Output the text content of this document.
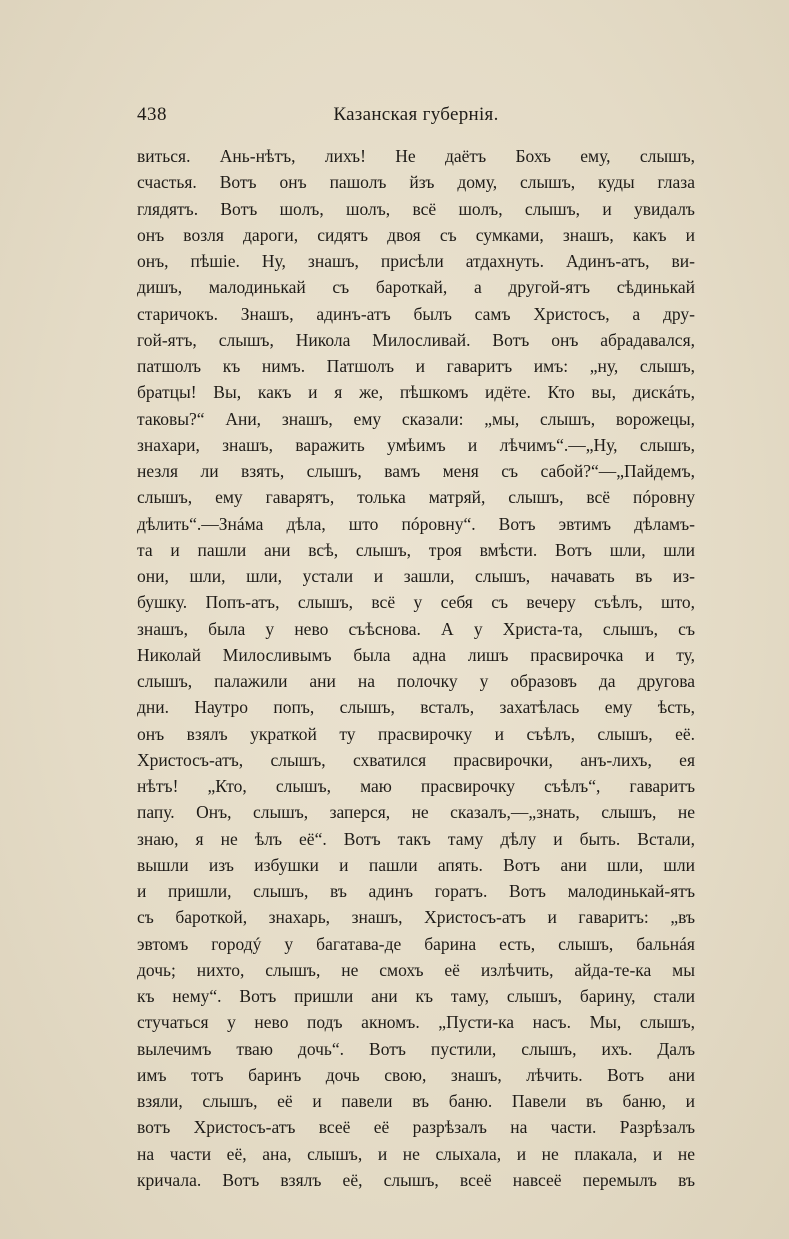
438	Казанская губернiя.
виться. Ань-нѣтъ, лихъ! Не даётъ Бохъ ему, слышъ,
счастья. Вотъ онъ пашолъ йзъ дому, слышъ, куды глаза
глядятъ. Вотъ шолъ, шолъ, всё шолъ, слышъ, и увидалъ
онъ возля дароги, сидятъ двоя съ сумками, знашъ, какъ и
онъ, пѣшiе. Ну, знашъ, присѣли атдахнуть. Адинъ-атъ, ви-
дишъ, малодинькай съ бароткай, а другой-ятъ сѣдинькай
старичокъ. Знашъ, адинъ-атъ былъ самъ Христосъ, а дру-
гой-ятъ, слышъ, Никола Милосливай. Вотъ онъ абрадавался,
патшолъ къ нимъ. Патшолъ и гаваритъ имъ: „ну, слышъ,
братцы! Вы, какъ и я же, пѣшкомъ идёте. Кто вы, дискáть,
таковы?“ Ани, знашъ, ему сказали: „мы, слышъ, ворожецы,
знахари, знашъ, варажить умѣимъ и лѣчимъ“.—„Ну, слышъ,
незля ли взять, слышъ, вамъ меня съ сабой?“—„Пайдемъ,
слышъ, ему гаварятъ, толька матряй, слышъ, всё пóровну
дѣлить“.—Знáма дѣла, што пóровну“. Вотъ эвтимъ дѣламъ-
та и пашли ани всѣ, слышъ, троя вмѣсти. Вотъ шли, шли
они, шли, шли, устали и зашли, слышъ, начавать въ из-
бушку. Попъ-атъ, слышъ, всё у себя съ вечеру съѣлъ, што,
знашъ, была у нево съѣснова. А у Христа-та, слышъ, съ
Николай Милосливымъ была адна лишъ прасвирочка и ту,
слышъ, палажили ани на полочку у образовъ да другова
дни. Наутро попъ, слышъ, всталъ, захатѣлась ему ѣсть,
онъ взялъ украткой ту прасвирочку и съѣлъ, слышъ, её.
Христосъ-атъ, слышъ, схватился прасвирочки, анъ-лихъ, ея
нѣтъ! „Кто, слышъ, маю прасвирочку съѣлъ“, гаваритъ
папу. Онъ, слышъ, заперся, не сказалъ,—„знать, слышъ, не
знаю, я не ѣлъ её“. Вотъ такъ таму дѣлу и быть. Встали,
вышли изъ избушки и пашли апять. Вотъ ани шли, шли
и пришли, слышъ, въ адинъ горатъ. Вотъ малодинькай-ятъ
съ бароткой, знахарь, знашъ, Христосъ-атъ и гаваритъ: „въ
эвтомъ городý у багатава-де барина есть, слышъ, бальнáя
дочь; нихто, слышъ, не смохъ её излѣчить, айда-те-ка мы
къ нему“. Вотъ пришли ани къ таму, слышъ, барину, стали
стучаться у нево подъ акномъ. „Пусти-ка насъ. Мы, слышъ,
вылечимъ тваю дочь“. Вотъ пустили, слышъ, ихъ. Далъ
имъ тотъ баринъ дочь свою, знашъ, лѣчить. Вотъ ани
взяли, слышъ, её и павели въ баню. Павели въ баню, и
вотъ Христосъ-атъ всеё её разрѣзалъ на части. Разрѣзалъ
на части её, ана, слышъ, и не слыхала, и не плакала, и не
кричала. Вотъ взялъ её, слышъ, всеё навсеё перемылъ въ
